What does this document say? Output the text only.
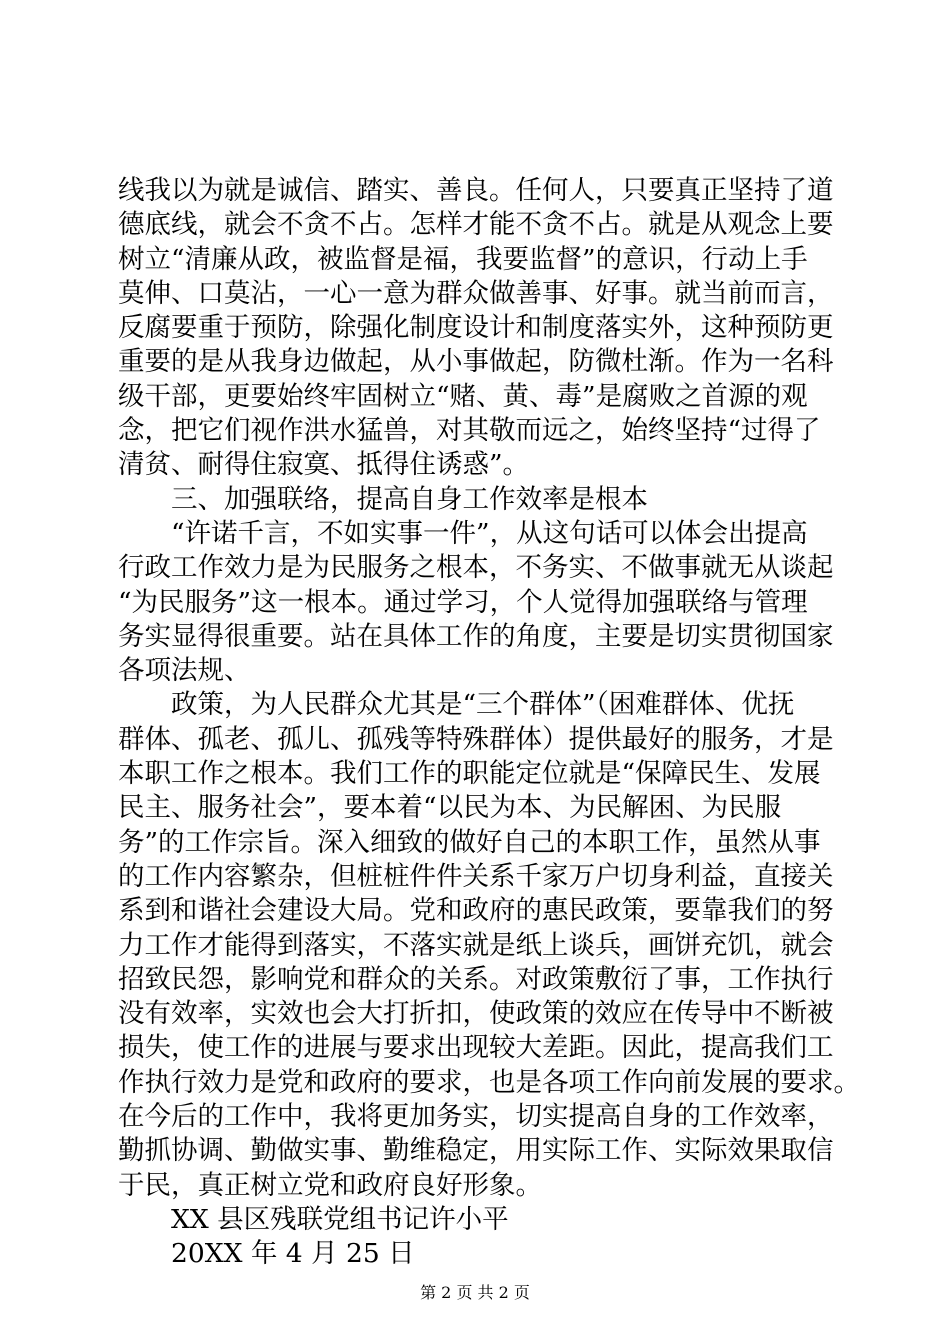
线我以为就是诚信、踏实、善良。任何人，只要真正坚持了道
德底线，就会不贪不占。怎样才能不贪不占。就是从观念上要
树立“清廉从政，被监督是福，我要监督”的意识，行动上手
莫伸、口莫沾，一心一意为群众做善事、好事。就当前而言，
反腐要重于预防，除强化制度设计和制度落实外，这种预防更
重要的是从我身边做起，从小事做起，防微杜渐。作为一名科
级干部，更要始终牢固树立“赌、黄、毒”是腐败之首源的观
念，把它们视作洪水猛兽，对其敬而远之，始终坚持“过得了
清贫、耐得住寂寞、抵得住诱惑”。
三、加强联络，提高自身工作效率是根本
“许诺千言，不如实事一件”，从这句话可以体会出提高
行政工作效力是为民服务之根本，不务实、不做事就无从谈起
“为民服务”这一根本。通过学习，个人觉得加强联络与管理
务实显得很重要。站在具体工作的角度，主要是切实贯彻国家
各项法规、
政策，为人民群众尤其是“三个群体”（困难群体、优抚
群体、孤老、孤儿、孤残等特殊群体）提供最好的服务，才是
本职工作之根本。我们工作的职能定位就是“保障民生、发展
民主、服务社会”，要本着“以民为本、为民解困、为民服
务”的工作宗旨。深入细致的做好自己的本职工作，虽然从事
的工作内容繁杂，但桩桩件件关系千家万户切身利益，直接关
系到和谐社会建设大局。党和政府的惠民政策，要靠我们的努
力工作才能得到落实，不落实就是纸上谈兵，画饼充饥，就会
招致民怨，影响党和群众的关系。对政策敷衍了事，工作执行
没有效率，实效也会大打折扣，使政策的效应在传导中不断被
损失，使工作的进展与要求出现较大差距。因此，提高我们工
作执行效力是党和政府的要求，也是各项工作向前发展的要求。
在今后的工作中，我将更加务实，切实提高自身的工作效率，
勤抓协调、勤做实事、勤维稳定，用实际工作、实际效果取信
于民，真正树立党和政府良好形象。
XX 县区残联党组书记许小平
20XX 年 4 月 25 日
第 2 页 共 2 页
